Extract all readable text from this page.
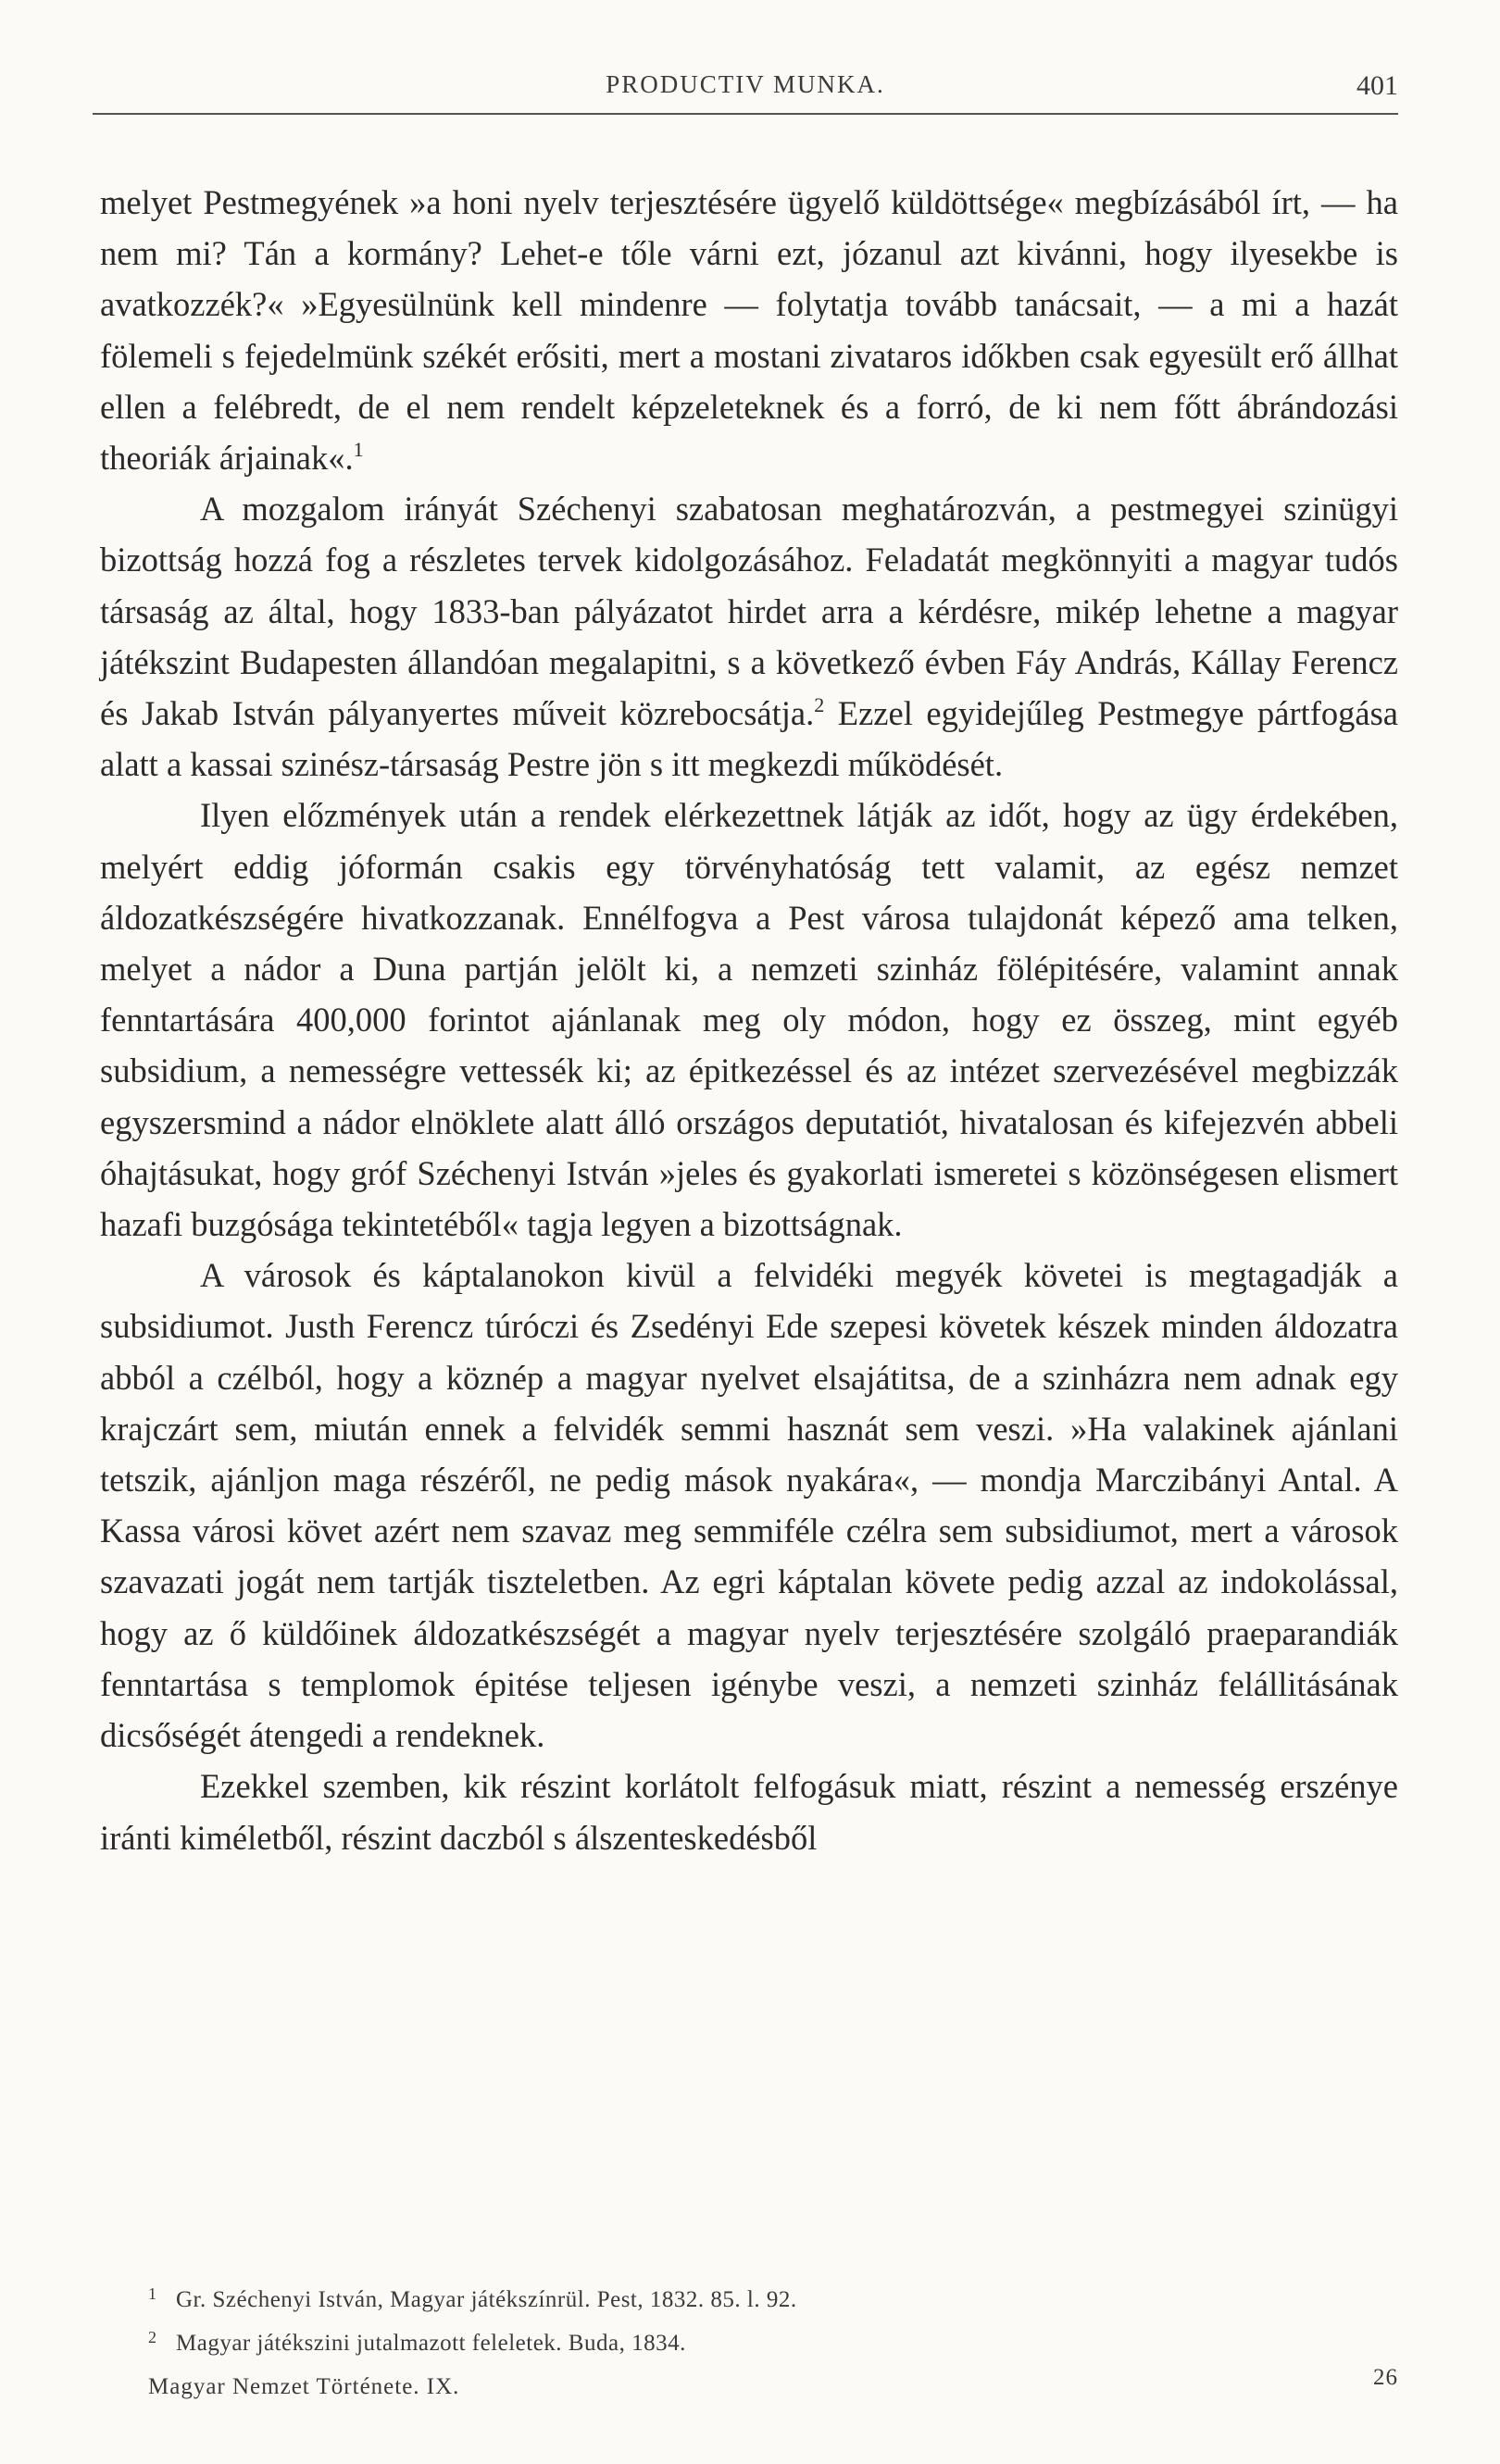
PRODUCTIV MUNKA.	401

melyet Pestmegyének »a honi nyelv terjesztésére ügyelő küldöttsége« megbízásából írt, — ha nem mi? Tán a kormány? Lehet-e tőle várni ezt, józanul azt kivánni, hogy ilyesekbe is avatkozzék?« »Egyesülnünk kell mindenre — folytatja tovább tanácsait, — a mi a hazát fölemeli s fejedelmünk székét erősiti, mert a mostani zivataros időkben csak egyesült erő állhat ellen a felébredt, de el nem rendelt képzeleteknek és a forró, de ki nem főtt ábrándozási theoriák árjainak«.$^1$

A mozgalom irányát Széchenyi szabatosan meghatározván, a pestmegyei szinügyi bizottság hozzá fog a részletes tervek kidolgozásához. Feladatát megkönnyiti a magyar tudós társaság az által, hogy 1833-ban pályázatot hirdet arra a kérdésre, mikép lehetne a magyar játékszint Budapesten állandóan megalapitni, s a következő évben Fáy András, Kállay Ferencz és Jakab István pályanyertes műveit közrebocsátja.$^2$ Ezzel egyidejűleg Pestmegye pártfogása alatt a kassai szinész-társaság Pestre jön s itt megkezdi működését.

Ilyen előzmények után a rendek elérkezettnek látják az időt, hogy az ügy érdekében, melyért eddig jóformán csakis egy törvényhatóság tett valamit, az egész nemzet áldozatkészségére hivatkozzanak. Ennélfogva a Pest városa tulajdonát képező ama telken, melyet a nádor a Duna partján jelölt ki, a nemzeti szinház fölépitésére, valamint annak fenntartására 400,000 forintot ajánlanak meg oly módon, hogy ez összeg, mint egyéb subsidium, a nemességre vettessék ki; az épitkezéssel és az intézet szervezésével megbizzák egyszersmind a nádor elnöklete alatt álló országos deputatiót, hivatalosan és kifejezvén abbeli óhajtásukat, hogy gróf Széchenyi István »jeles és gyakorlati ismeretei s közönségesen elismert hazafi buzgósága tekintetéből« tagja legyen a bizottságnak.

A városok és káptalanokon kivül a felvidéki megyék követei is megtagadják a subsidiumot. Justh Ferencz túróczi és Zsedényi Ede szepesi követek készek minden áldozatra abból a czélból, hogy a köznép a magyar nyelvet elsajátitsa, de a szinházra nem adnak egy krajczárt sem, miután ennek a felvidék semmi hasznát sem veszi. »Ha valakinek ajánlani tetszik, ajánljon maga részéről, ne pedig mások nyakára«, — mondja Marczibányi Antal. A Kassa városi követ azért nem szavaz meg semmiféle czélra sem subsidiumot, mert a városok szavazati jogát nem tartják tiszteletben. Az egri káptalan követe pedig azzal az indokolással, hogy az ő küldőinek áldozatkészségét a magyar nyelv terjesztésére szolgáló praeparandiák fenntartása s templomok épitése teljesen igénybe veszi, a nemzeti szinház felállitásának dicsőségét átengedi a rendeknek.

Ezekkel szemben, kik részint korlátolt felfogásuk miatt, részint a nemesség erszénye iránti kiméletből, részint daczból s álszenteskedésből

1 Gr. Széchenyi István, Magyar játékszínrül. Pest, 1832. 85. l. 92.

2 Magyar játékszini jutalmazott feleletek. Buda, 1834.

Magyar Nemzet Története. IX.	26
